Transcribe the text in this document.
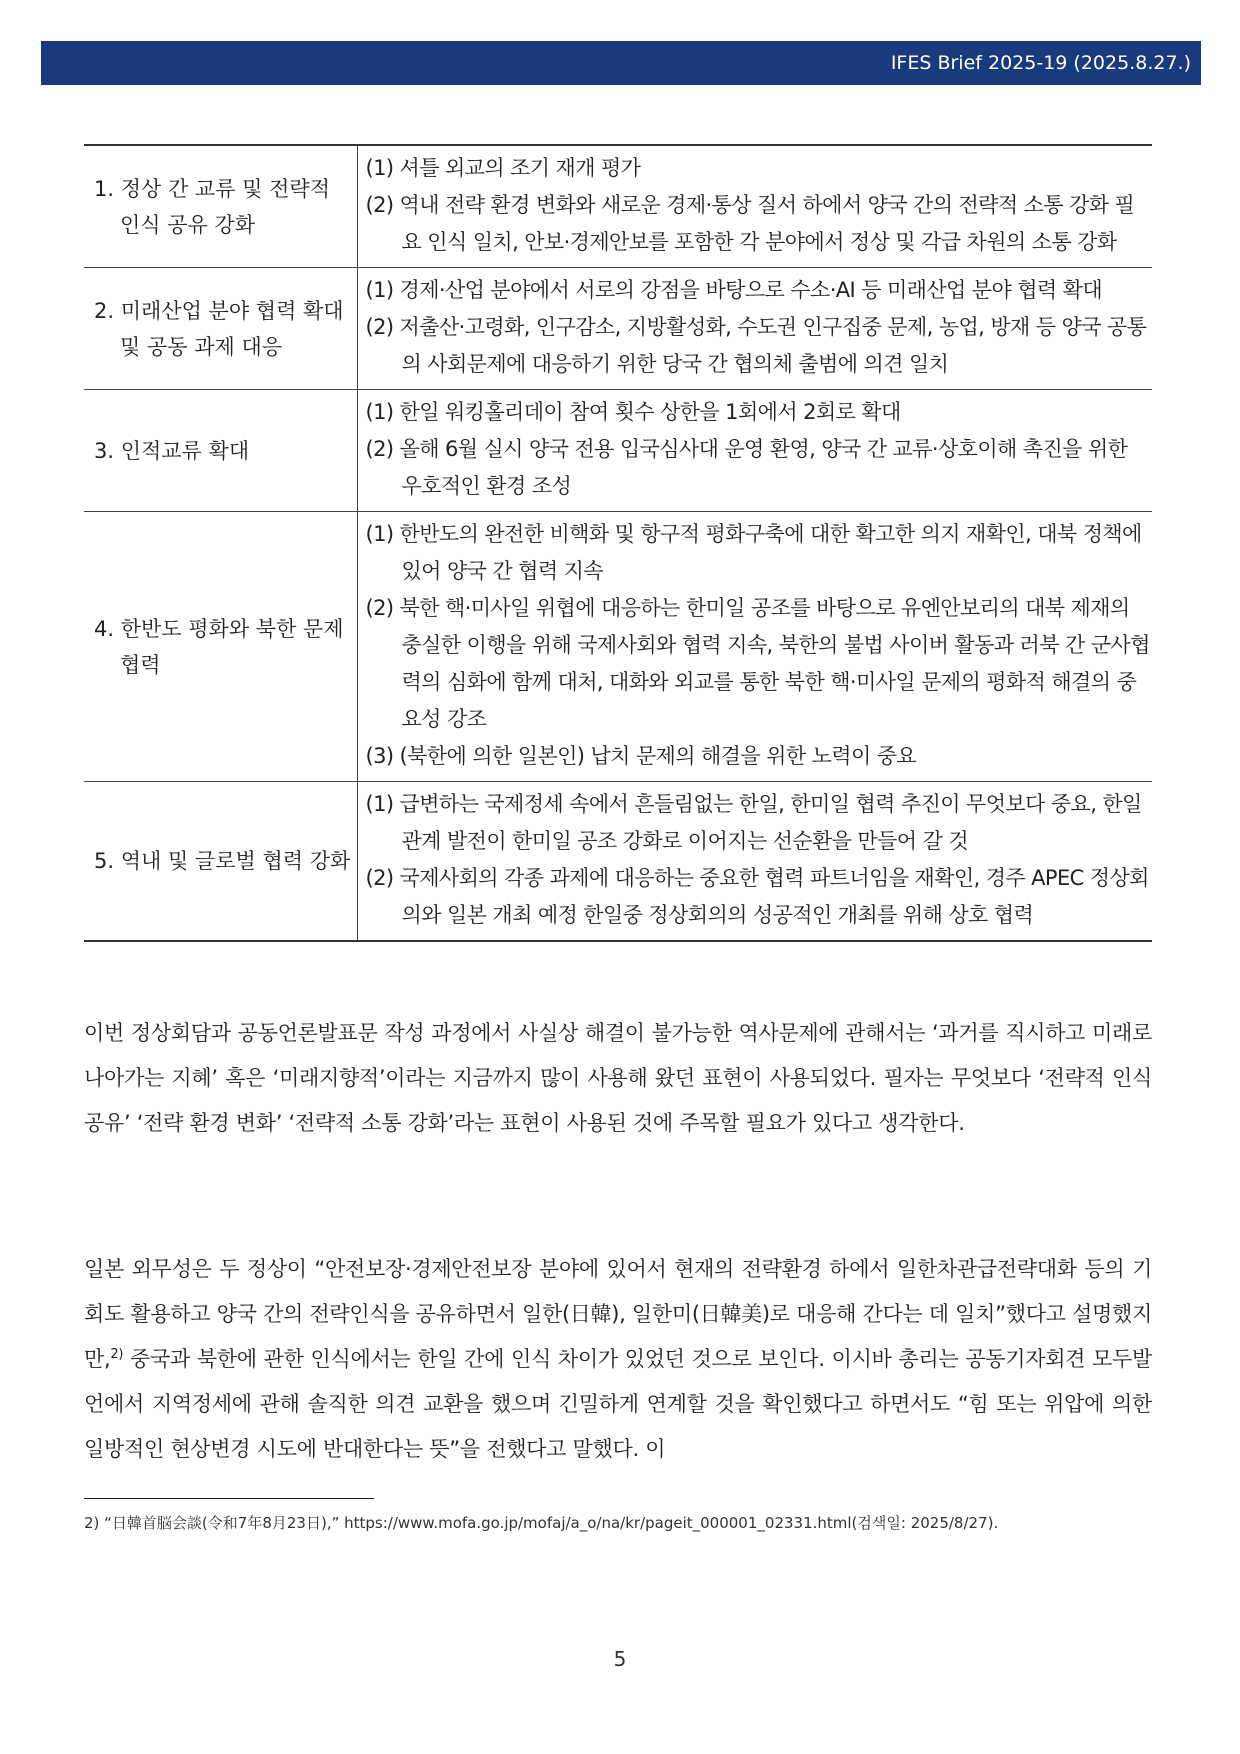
IFES Brief 2025-19 (2025.8.27.)
1. 정상 간 교류 및 전략적 인식 공유 강화	(1) 셔틀 외교의 조기 재개 평가
(2) 역내 전략 환경 변화와 새로운 경제·통상 질서 하에서 양국 간의 전략적 소통 강화 필요 인식 일치, 안보·경제안보를 포함한 각 분야에서 정상 및 각급 차원의 소통 강화

2. 미래산업 분야 협력 확대 및 공동 과제 대응	(1) 경제·산업 분야에서 서로의 강점을 바탕으로 수소·AI 등 미래산업 분야 협력 확대
(2) 저출산·고령화, 인구감소, 지방활성화, 수도권 인구집중 문제, 농업, 방재 등 양국 공통의 사회문제에 대응하기 위한 당국 간 협의체 출범에 의견 일치

3. 인적교류 확대	(1) 한일 워킹홀리데이 참여 횟수 상한을 1회에서 2회로 확대
(2) 올해 6월 실시 양국 전용 입국심사대 운영 환영, 양국 간 교류·상호이해 촉진을 위한 우호적인 환경 조성

4. 한반도 평화와 북한 문제 협력	(1) 한반도의 완전한 비핵화 및 항구적 평화구축에 대한 확고한 의지 재확인, 대북 정책에 있어 양국 간 협력 지속
(2) 북한 핵·미사일 위협에 대응하는 한미일 공조를 바탕으로 유엔안보리의 대북 제재의 충실한 이행을 위해 국제사회와 협력 지속, 북한의 불법 사이버 활동과 러북 간 군사협력의 심화에 함께 대처, 대화와 외교를 통한 북한 핵·미사일 문제의 평화적 해결의 중요성 강조
(3) (북한에 의한 일본인) 납치 문제의 해결을 위한 노력이 중요

5. 역내 및 글로벌 협력 강화	(1) 급변하는 국제정세 속에서 흔들림없는 한일, 한미일 협력 추진이 무엇보다 중요, 한일관계 발전이 한미일 공조 강화로 이어지는 선순환을 만들어 갈 것
(2) 국제사회의 각종 과제에 대응하는 중요한 협력 파트너임을 재확인, 경주 APEC 정상회의와 일본 개최 예정 한일중 정상회의의 성공적인 개최를 위해 상호 협력

이번 정상회담과 공동언론발표문 작성 과정에서 사실상 해결이 불가능한 역사문제에 관해서는 ‘과거를 직시하고 미래로 나아가는 지혜’ 혹은 ‘미래지향적’이라는 지금까지 많이 사용해 왔던 표현이 사용되었다. 필자는 무엇보다 ‘전략적 인식 공유’ ‘전략 환경 변화’ ‘전략적 소통 강화’라는 표현이 사용된 것에 주목할 필요가 있다고 생각한다.

일본 외무성은 두 정상이 “안전보장·경제안전보장 분야에 있어서 현재의 전략환경 하에서 일한차관급전략대화 등의 기회도 활용하고 양국 간의 전략인식을 공유하면서 일한(日韓), 일한미(日韓美)로 대응해 간다는 데 일치”했다고 설명했지만,$^{2)}$ 중국과 북한에 관한 인식에서는 한일 간에 인식 차이가 있었던 것으로 보인다. 이시바 총리는 공동기자회견 모두발언에서 지역정세에 관해 솔직한 의견 교환을 했으며 긴밀하게 연계할 것을 확인했다고 하면서도 “힘 또는 위압에 의한 일방적인 현상변경 시도에 반대한다는 뜻”을 전했다고 말했다. 이

2) “日韓首脳会談(令和7年8月23日),” https://www.mofa.go.jp/mofaj/a_o/na/kr/pageit_000001_02331.html(검색일: 2025/8/27).
5
